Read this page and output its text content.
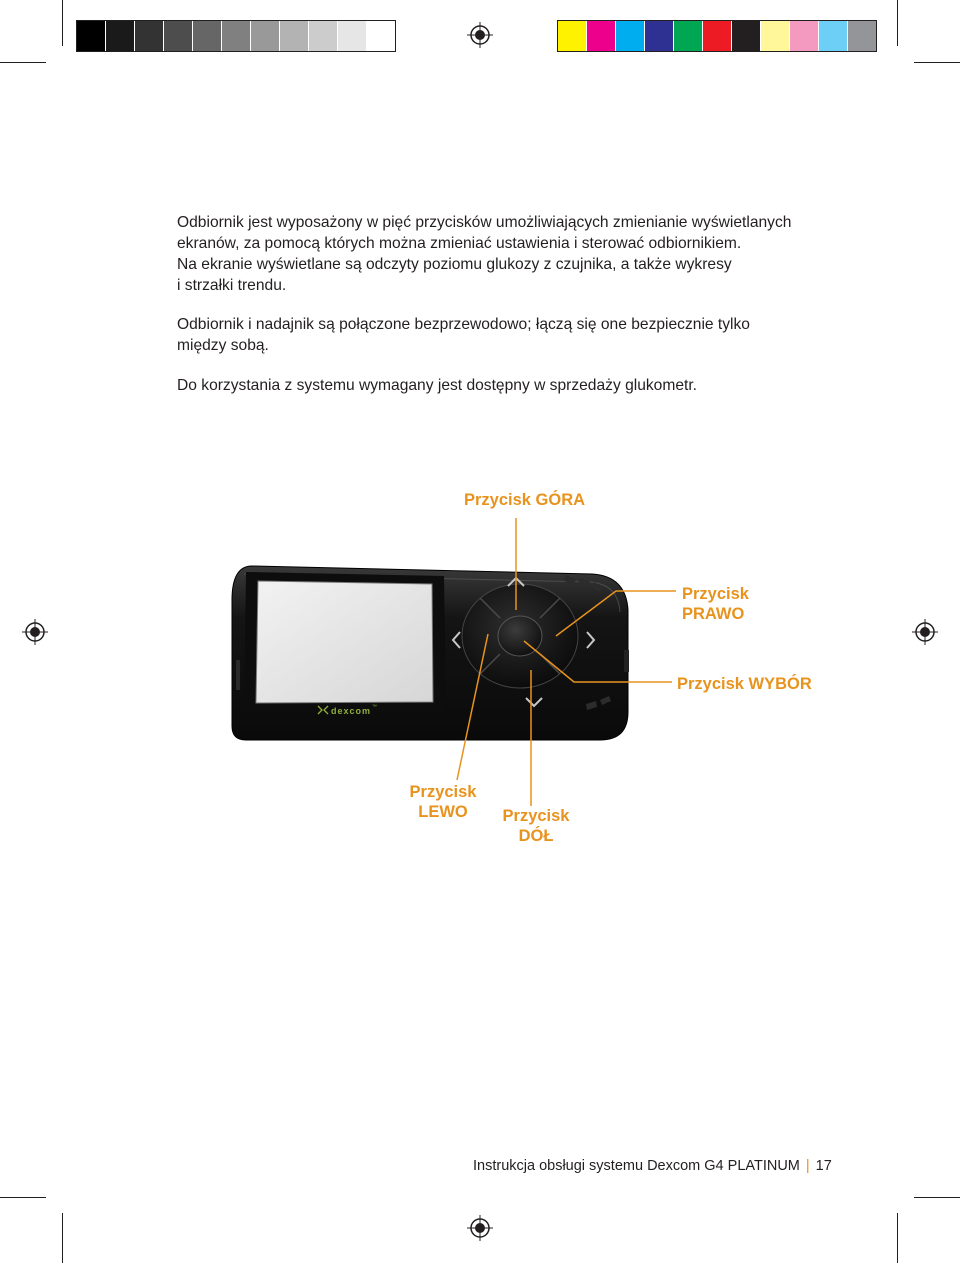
Odbiornik jest wyposażony w pięć przycisków umożliwiających zmienianie wyświetlanych

ekranów, za pomocą których można zmieniać ustawienia i sterować odbiornikiem.

Na ekranie wyświetlane są odczyty poziomu glukozy z czujnika, a także wykresy

i strzałki trendu.

Odbiornik i nadajnik są połączone bezprzewodowo; łączą się one bezpiecznie tylko

między sobą.

Do korzystania z systemu wymagany jest dostępny w sprzedaży glukometr.

dexcom ™
Przycisk GÓRA
Przycisk
PRAWO
Przycisk WYBÓR
Przycisk
LEWO	Przycisk
DÓŁ
Instrukcja obsługi systemu Dexcom G4 PLATINUM | 17
